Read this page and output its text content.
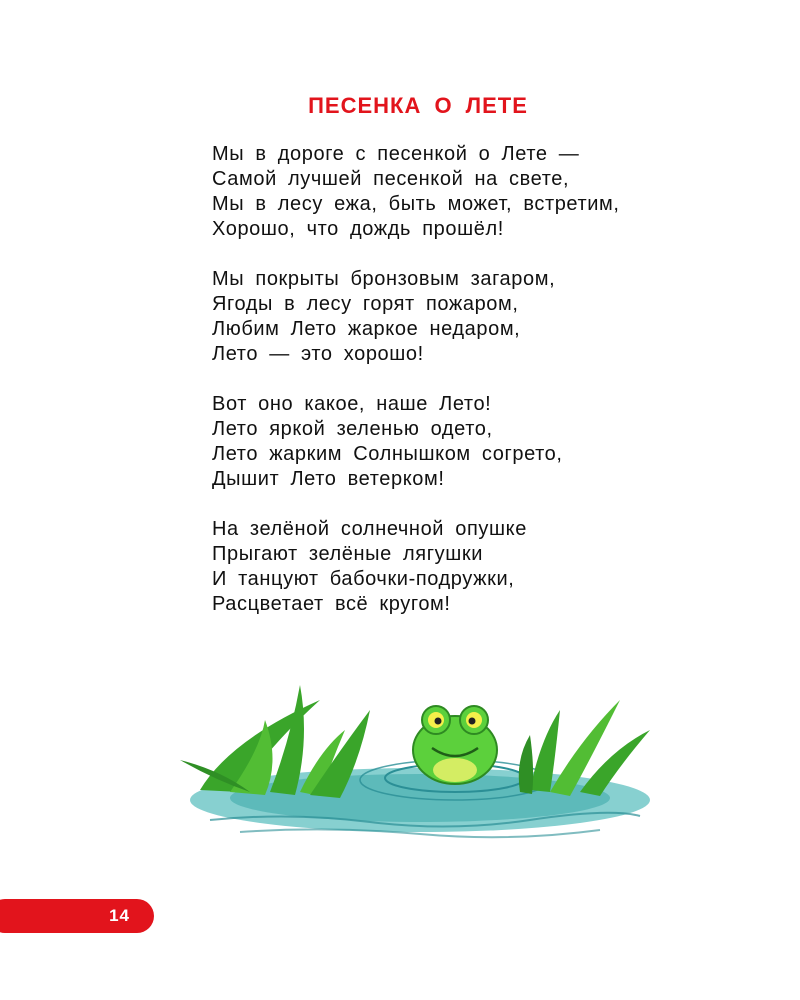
ПЕСЕНКА О ЛЕТЕ
Мы в дороге с песенкой о Лете —
Самой лучшей песенкой на свете,
Мы в лесу ежа, быть может, встретим,
Хорошо, что дождь прошёл!
Мы покрыты бронзовым загаром,
Ягоды в лесу горят пожаром,
Любим Лето жаркое недаром,
Лето — это хорошо!
Вот оно какое, наше Лето!
Лето яркой зеленью одето,
Лето жарким Солнышком согрето,
Дышит Лето ветерком!
На зелёной солнечной опушке
Прыгают зелёные лягушки
И танцуют бабочки-подружки,
Расцветает всё кругом!
14
